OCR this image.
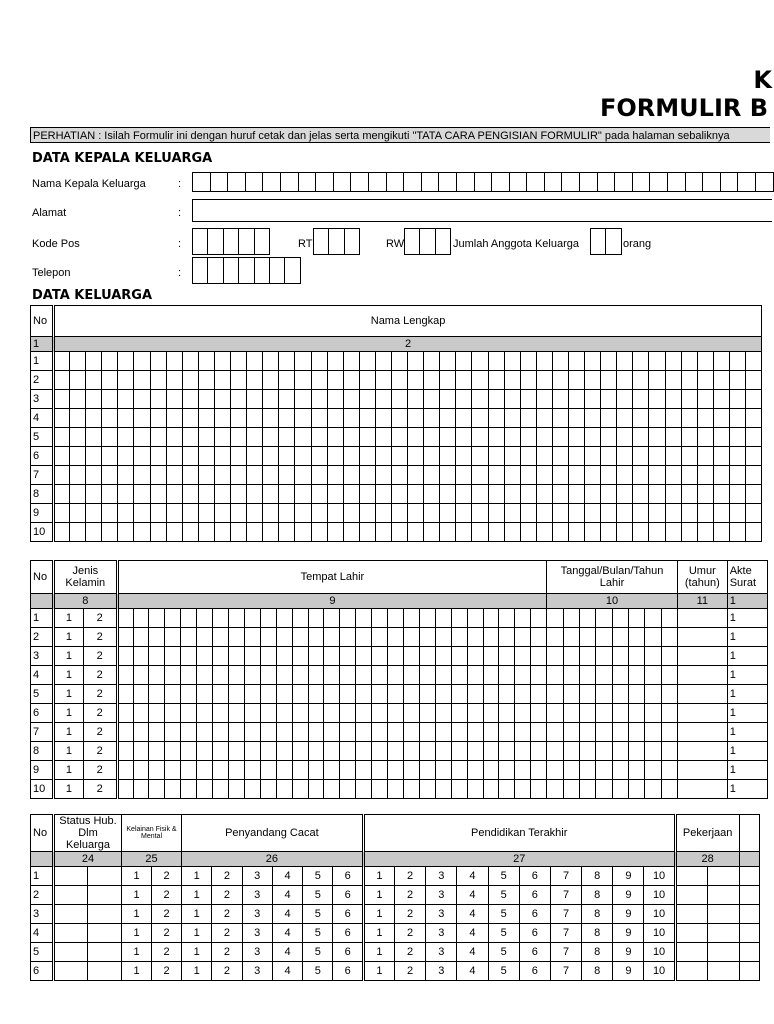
K
FORMULIR B
PERHATIAN : Isilah Formulir ini dengan huruf cetak dan jelas serta mengikuti "TATA CARA PENGISIAN FORMULIR" pada halaman sebaliknya
DATA KEPALA KELUARGA
Nama Kepala Keluarga	:
Alamat	:
Kode Pos	:	RT	RW	Jumlah Anggota Keluarga	orang
Telepon	:
DATA KELUARGA
No	Nama Lengkap																																											
1	2																																											
1																																												
2																																												
3																																												
4																																												
5																																												
6																																												
7																																												
8																																												
9																																												
10																																												
No	Jenis Kelamin		Tempat Lahir																											Tanggal/Bulan/Tahun Lahir								Umur (tahun)	Akte Surat
	8		9																											10								11	1
1	1	2																																					1
2	1	2																																					1
3	1	2																																					1
4	1	2																																					1
5	1	2																																					1
6	1	2																																					1
7	1	2																																					1
8	1	2																																					1
9	1	2																																					1
10	1	2																																					1
No	Status Hub. Dlm Keluarga		Kelainan Fisik & Mental		Penyandang Cacat						Pendidikan Terakhir										Pekerjaan		
	24		25		26						27										28		
1			1	2	1	2	3	4	5	6	1	2	3	4	5	6	7	8	9	10			
2			1	2	1	2	3	4	5	6	1	2	3	4	5	6	7	8	9	10			
3			1	2	1	2	3	4	5	6	1	2	3	4	5	6	7	8	9	10			
4			1	2	1	2	3	4	5	6	1	2	3	4	5	6	7	8	9	10			
5			1	2	1	2	3	4	5	6	1	2	3	4	5	6	7	8	9	10			
6			1	2	1	2	3	4	5	6	1	2	3	4	5	6	7	8	9	10			
